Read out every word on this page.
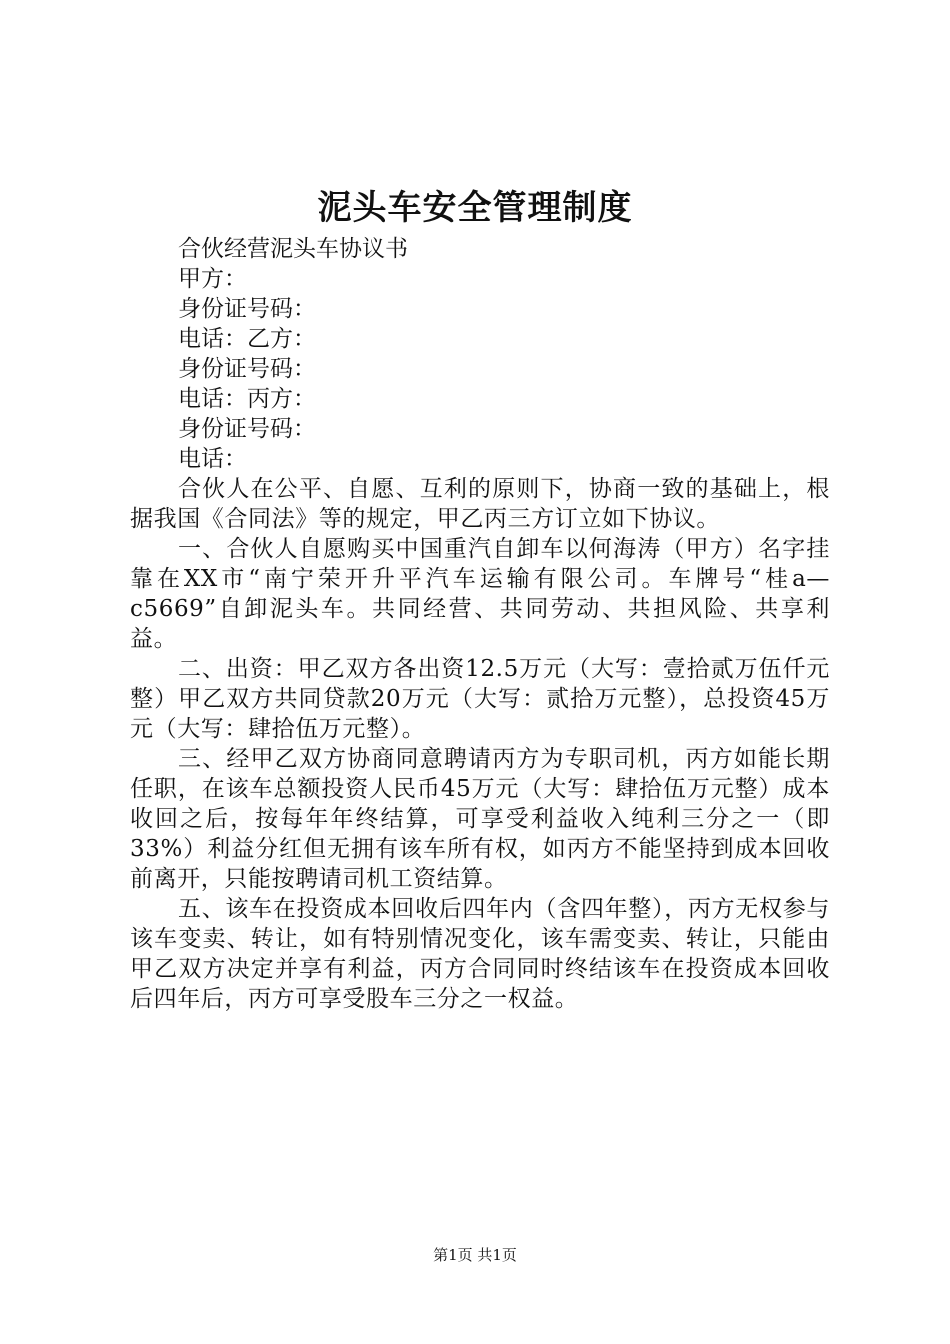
泥头车安全管理制度

合伙经营泥头车协议书

甲方：

身份证号码：

电话：乙方：

身份证号码：

电话：丙方：

身份证号码：

电话：

合伙人在公平、自愿、互利的原则下，协商一致的基础上，根据我国《合同法》等的规定，甲乙丙三方订立如下协议。

一、合伙人自愿购买中国重汽自卸车以何海涛（甲方）名字挂靠在XX市“南宁荣开升平汽车运输有限公司。车牌号“桂a—c5669”自卸泥头车。共同经营、共同劳动、共担风险、共享利益。

二、出资：甲乙双方各出资12.5万元（大写：壹拾贰万伍仟元整）甲乙双方共同贷款20万元（大写：贰拾万元整），总投资45万元（大写：肆拾伍万元整）。

三、经甲乙双方协商同意聘请丙方为专职司机，丙方如能长期任职，在该车总额投资人民币45万元（大写：肆拾伍万元整）成本收回之后，按每年年终结算，可享受利益收入纯利三分之一（即33%）利益分红但无拥有该车所有权，如丙方不能坚持到成本回收前离开，只能按聘请司机工资结算。

五、该车在投资成本回收后四年内（含四年整），丙方无权参与该车变卖、转让，如有特别情况变化，该车需变卖、转让，只能由甲乙双方决定并享有利益，丙方合同同时终结该车在投资成本回收后四年后，丙方可享受股车三分之一权益。

第1页 共1页
